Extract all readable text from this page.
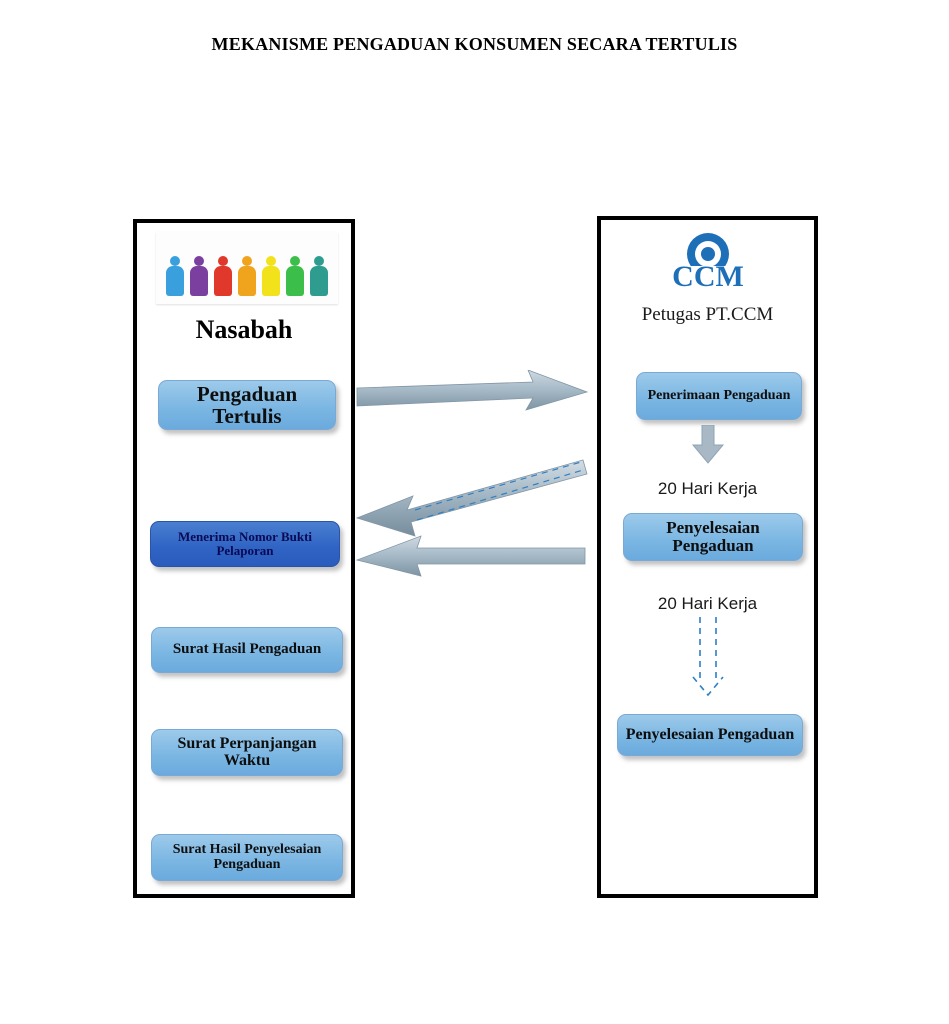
MEKANISME PENGADUAN KONSUMEN SECARA TERTULIS
Nasabah
Pengaduan Tertulis
Menerima Nomor Bukti Pelaporan
Surat Hasil Pengaduan
Surat Perpanjangan Waktu
Surat Hasil Penyelesaian Pengaduan
CCM
Petugas PT.CCM
Penerimaan Pengaduan
20 Hari Kerja
Penyelesaian Pengaduan
20 Hari Kerja
Penyelesaian Pengaduan
